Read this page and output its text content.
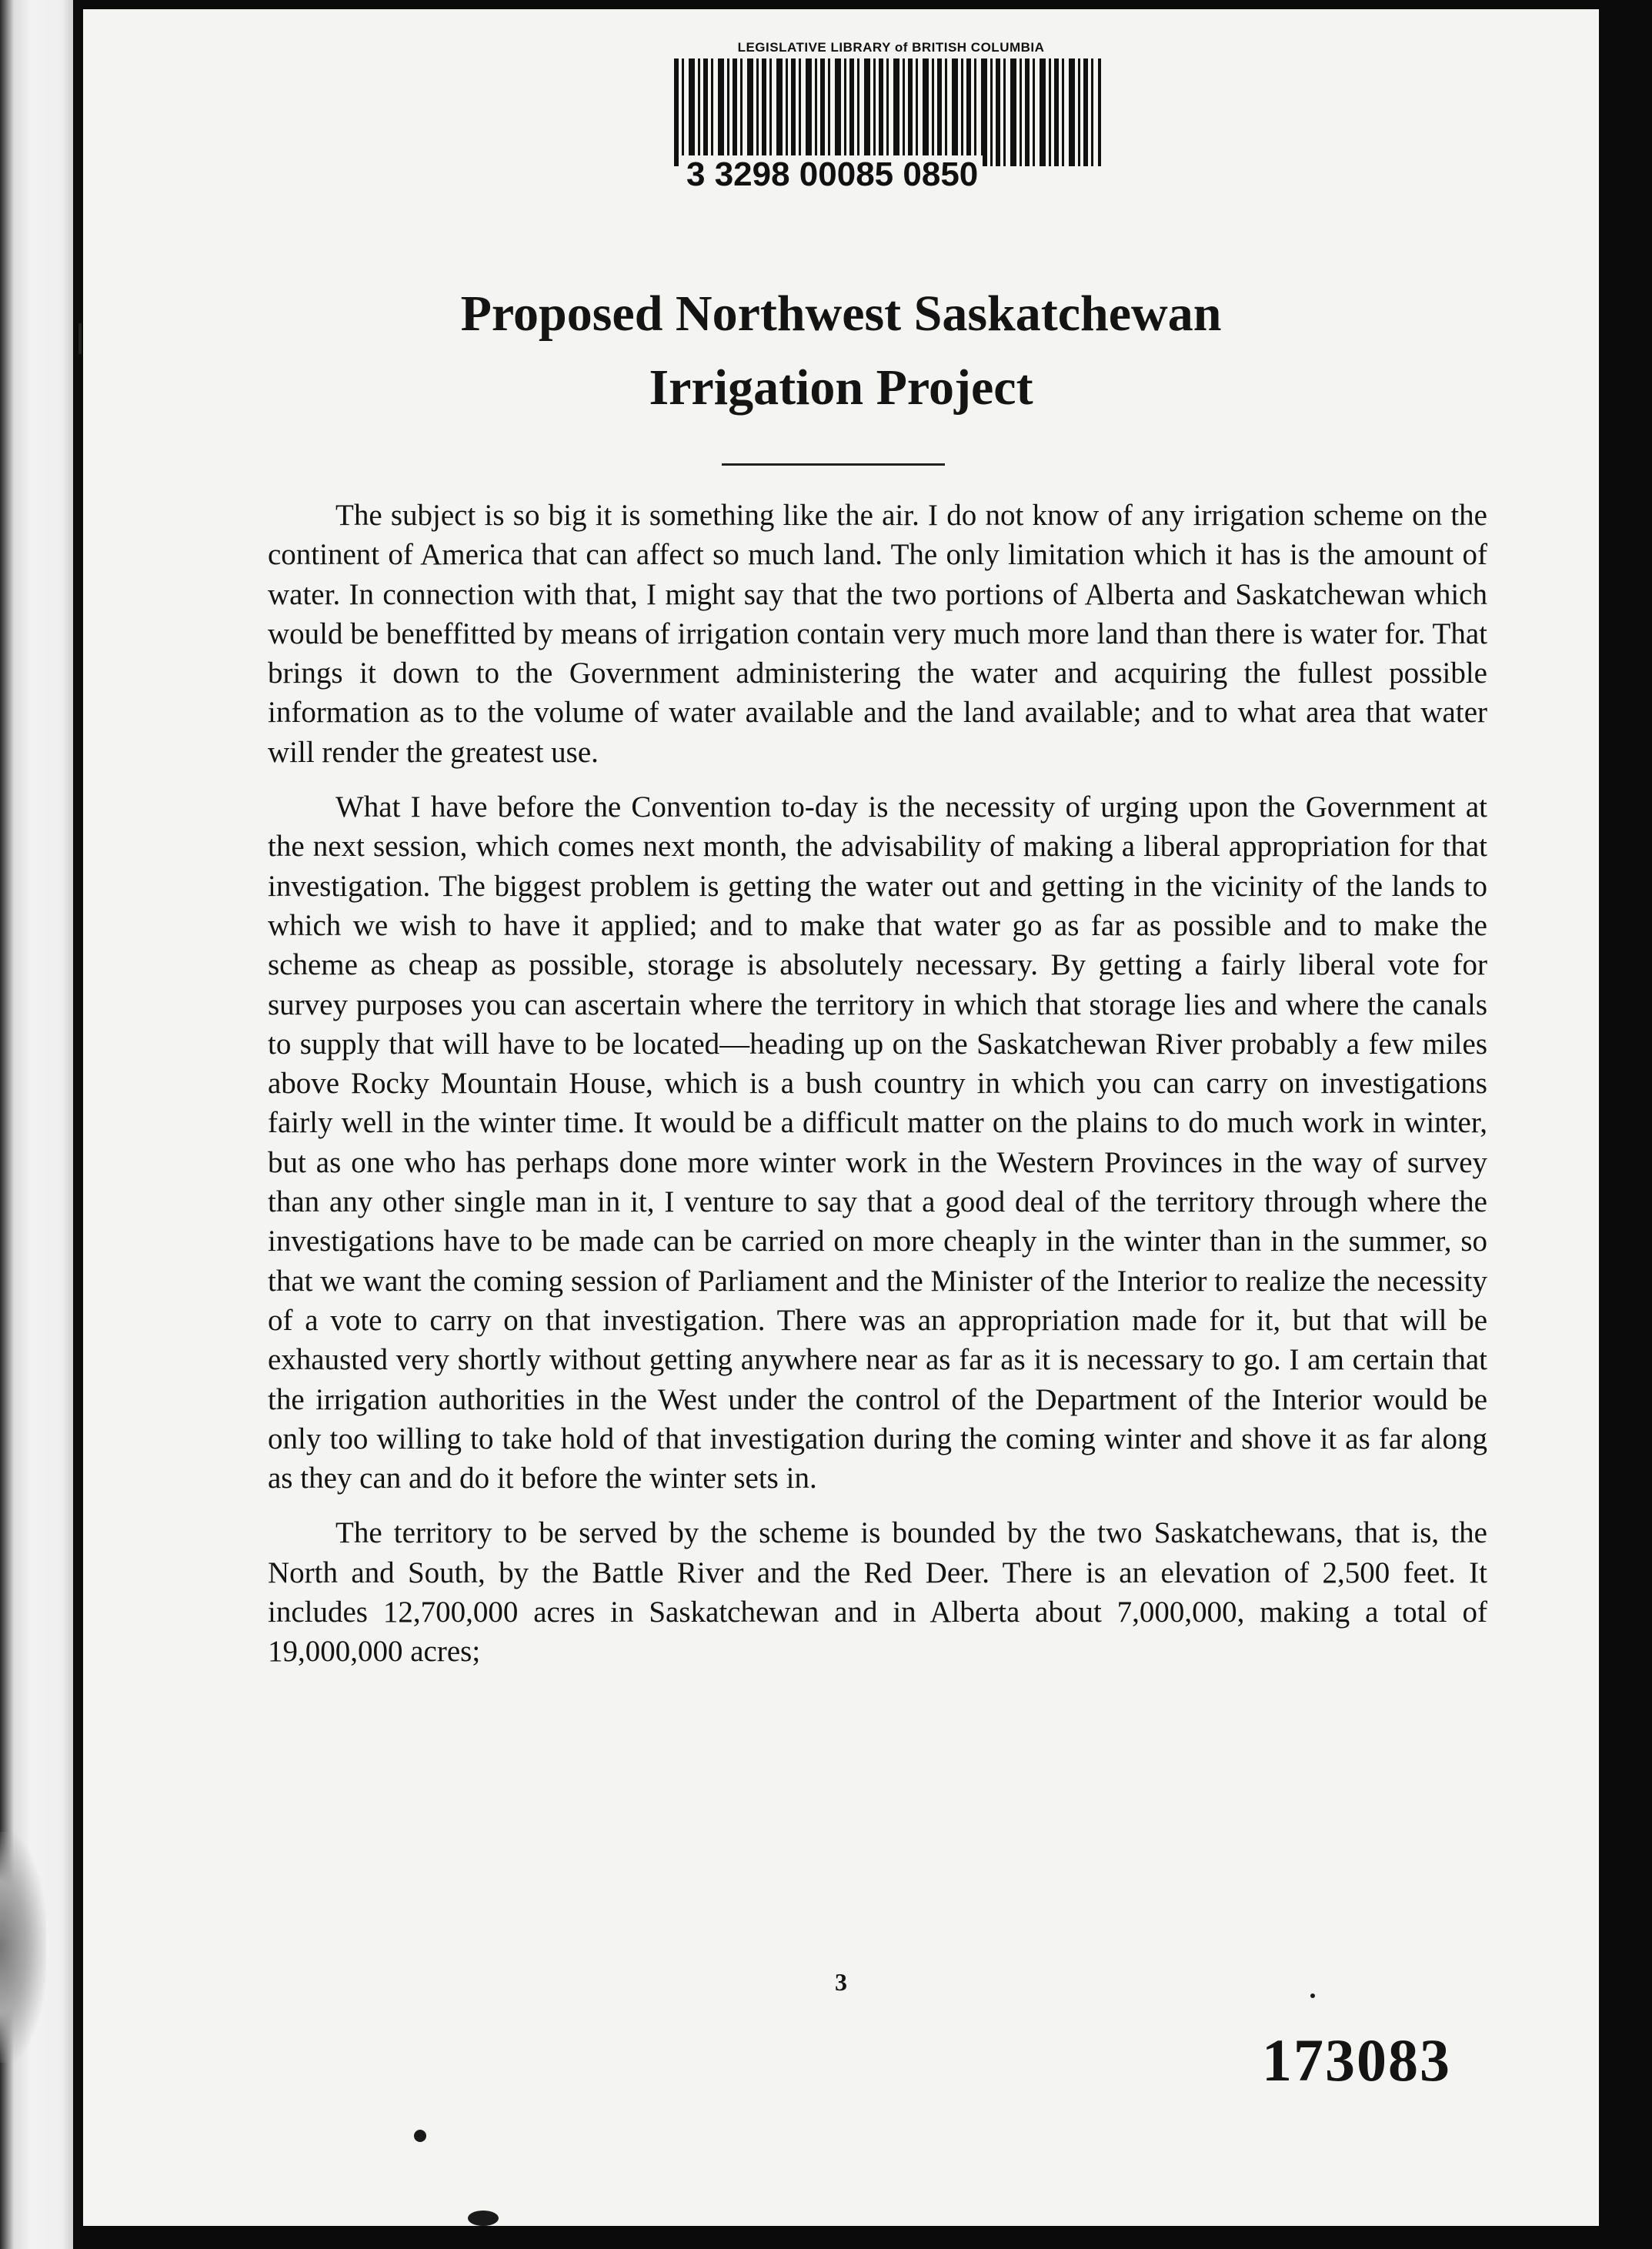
LEGISLATIVE LIBRARY of BRITISH COLUMBIA
3 3298 00085 0850
Proposed Northwest Saskatchewan
Irrigation Project

The subject is so big it is something like the air. I do not know of any irrigation scheme on the continent of America that can affect so much land. The only limitation which it has is the amount of water. In connection with that, I might say that the two portions of Alberta and Saskatchewan which would be beneffitted by means of irrigation contain very much more land than there is water for. That brings it down to the Government administering the water and acquiring the fullest possible information as to the volume of water available and the land available; and to what area that water will render the greatest use.

What I have before the Convention to-day is the necessity of urging upon the Government at the next session, which comes next month, the advisability of making a liberal appropriation for that investigation. The biggest problem is getting the water out and getting in the vicinity of the lands to which we wish to have it applied; and to make that water go as far as possible and to make the scheme as cheap as possible, storage is absolutely necessary. By getting a fairly liberal vote for survey purposes you can ascertain where the territory in which that storage lies and where the canals to supply that will have to be located—heading up on the Saskatchewan River probably a few miles above Rocky Mountain House, which is a bush country in which you can carry on investigations fairly well in the winter time. It would be a difficult matter on the plains to do much work in winter, but as one who has perhaps done more winter work in the Western Provinces in the way of survey than any other single man in it, I venture to say that a good deal of the territory through where the investigations have to be made can be carried on more cheaply in the winter than in the summer, so that we want the coming session of Parliament and the Minister of the Interior to realize the necessity of a vote to carry on that investigation. There was an appropriation made for it, but that will be exhausted very shortly without getting anywhere near as far as it is necessary to go. I am certain that the irrigation authorities in the West under the control of the Department of the Interior would be only too willing to take hold of that investigation during the coming winter and shove it as far along as they can and do it before the winter sets in.

The territory to be served by the scheme is bounded by the two Saskatchewans, that is, the North and South, by the Battle River and the Red Deer. There is an elevation of 2,500 feet. It includes 12,700,000 acres in Saskatchewan and in Alberta about 7,000,000, making a total of 19,000,000 acres;

3
173083
